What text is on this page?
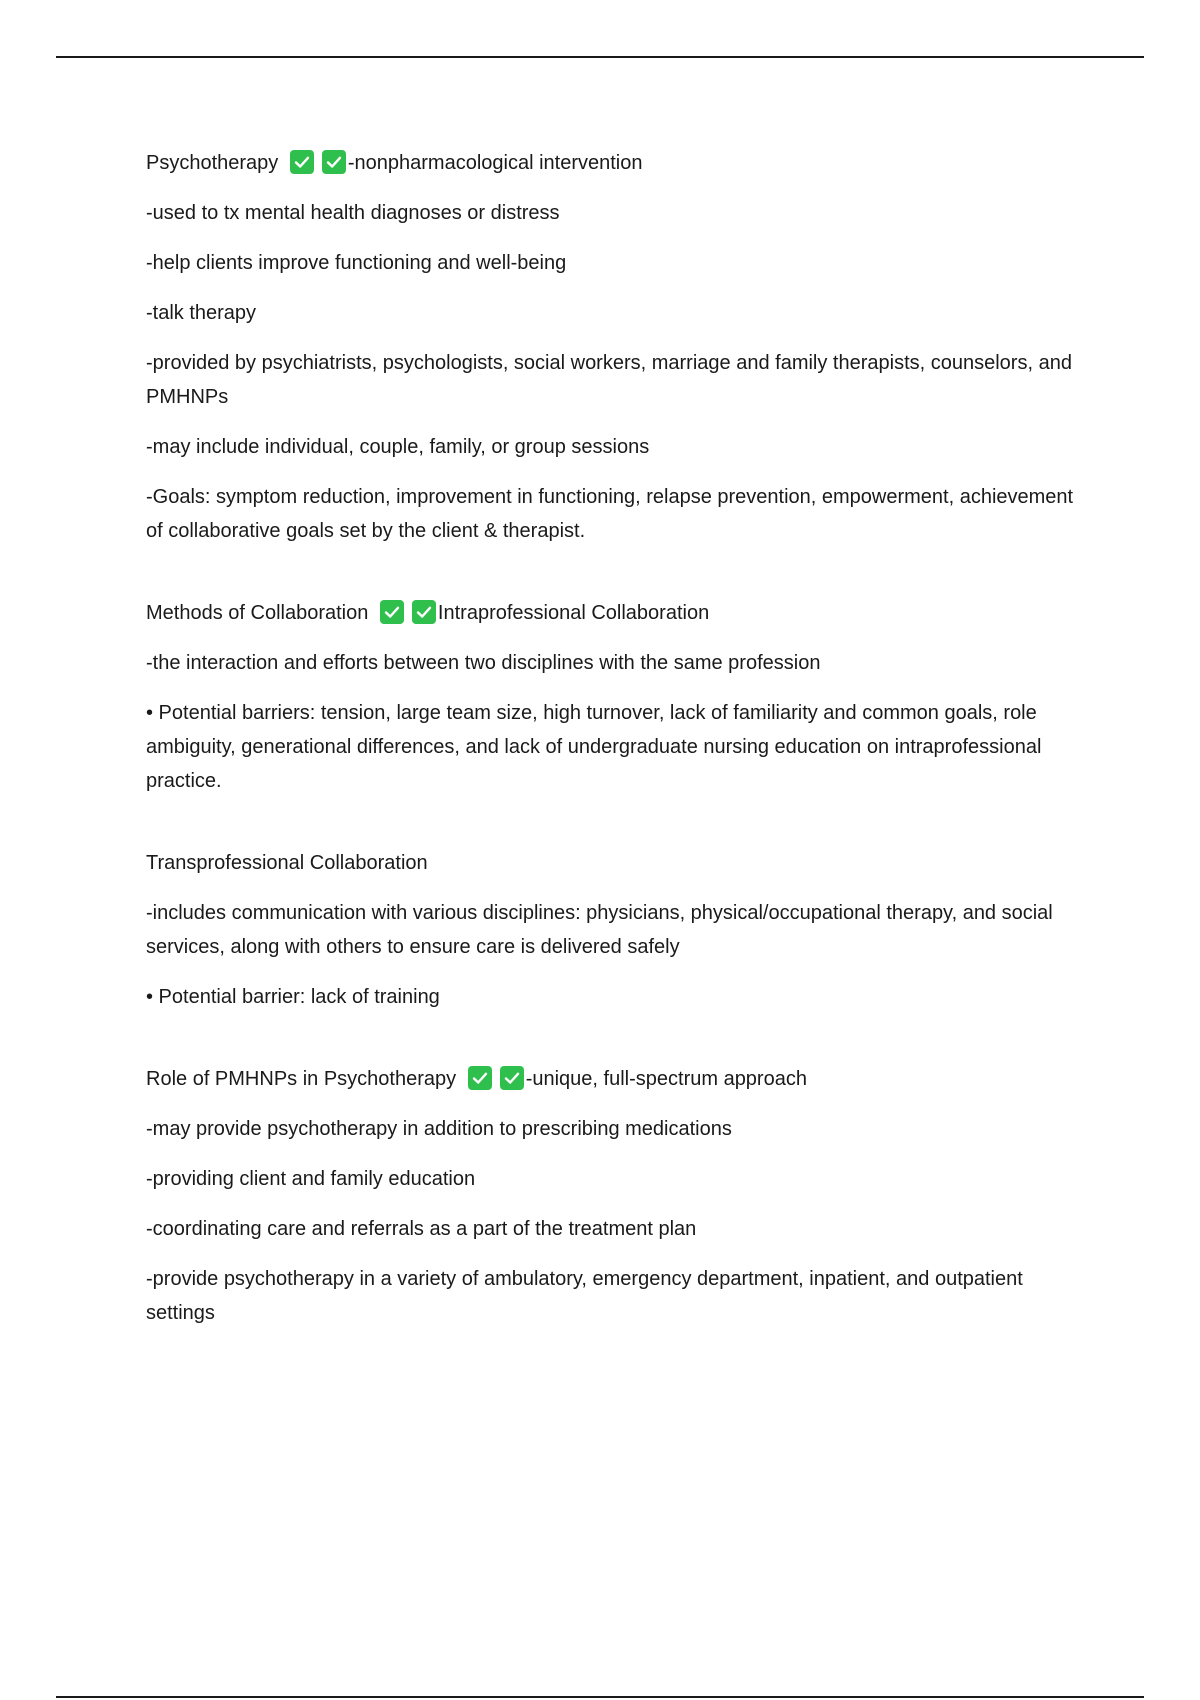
Psychotherapy	-nonpharmacological intervention

-used to tx mental health diagnoses or distress

-help clients improve functioning and well-being

-talk therapy

-provided by psychiatrists, psychologists, social workers, marriage and family therapists, counselors, and PMHNPs

-may include individual, couple, family, or group sessions

-Goals: symptom reduction, improvement in functioning, relapse prevention, empowerment, achievement of collaborative goals set by the client & therapist.

Methods of Collaboration	Intraprofessional Collaboration

-the interaction and efforts between two disciplines with the same profession

• Potential barriers: tension, large team size, high turnover, lack of familiarity and common goals, role ambiguity, generational differences, and lack of undergraduate nursing education on intraprofessional practice.

Transprofessional Collaboration

-includes communication with various disciplines: physicians, physical/occupational therapy, and social services, along with others to ensure care is delivered safely

• Potential barrier: lack of training

Role of PMHNPs in Psychotherapy	-unique, full-spectrum approach

-may provide psychotherapy in addition to prescribing medications

-providing client and family education

-coordinating care and referrals as a part of the treatment plan

-provide psychotherapy in a variety of ambulatory, emergency department, inpatient, and outpatient settings
